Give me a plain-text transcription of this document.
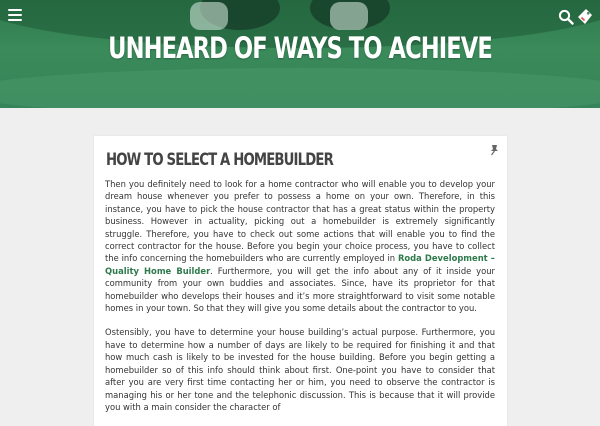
UNHEARD OF WAYS TO ACHIEVE
HOW TO SELECT A HOMEBUILDER

Then you definitely need to look for a home contractor who will enable you to develop your dream house whenever you prefer to possess a home on your own. Therefore, in this instance, you have to pick the house contractor that has a great status within the property business. However in actuality, picking out a homebuilder is extremely significantly struggle. Therefore, you have to check out some actions that will enable you to find the correct contractor for the house. Before you begin your choice process, you have to collect the info concerning the homebuilders who are currently employed in Roda Development – Quality Home Builder. Furthermore, you will get the info about any of it inside your community from your own buddies and associates. Since, have its proprietor for that homebuilder who develops their houses and it’s more straightforward to visit some notable homes in your town. So that they will give you some details about the contractor to you.

Ostensibly, you have to determine your house building’s actual purpose. Furthermore, you have to determine how a number of days are likely to be required for finishing it and that how much cash is likely to be invested for the house building. Before you begin getting a homebuilder so of this info should think about first. One-point you have to consider that after you are very first time contacting her or him, you need to observe the contractor is managing his or her tone and the telephonic discussion. This is because that it will provide you with a main consider the character of
